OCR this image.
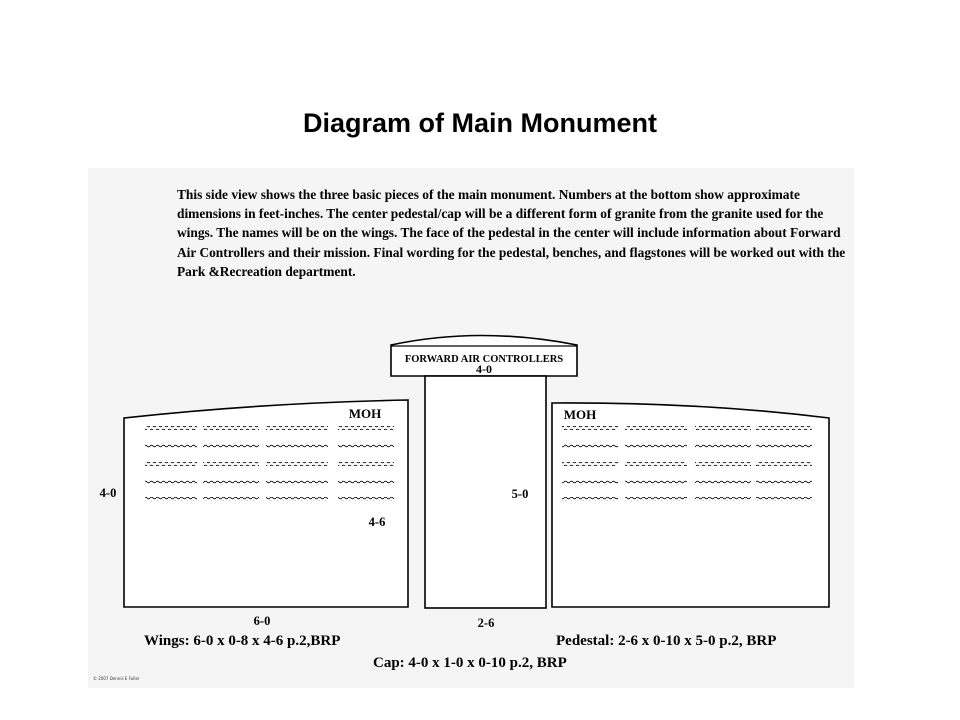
Diagram of Main Monument
This side view shows the three basic pieces of the main monument. Numbers at the bottom show approximate dimensions in feet-inches. The center pedestal/cap will be a different form of granite from the granite used for the wings. The names will be on the wings. The face of the pedestal in the center will include information about Forward Air Controllers and their mission. Final wording for the pedestal, benches, and flagstones will be worked out with the Park &Recreation department.
FORWARD AIR CONTROLLERS
4-0
MOH	MOH
4-0
4-6
5-0
6-0	2-6
Wings: 6-0 x 0-8 x 4-6 p.2,BRP	Pedestal: 2-6 x 0-10 x 5-0 p.2, BRP
Cap: 4-0 x 1-0 x 0-10 p.2, BRP
© 2007 Dennis E Fuller
